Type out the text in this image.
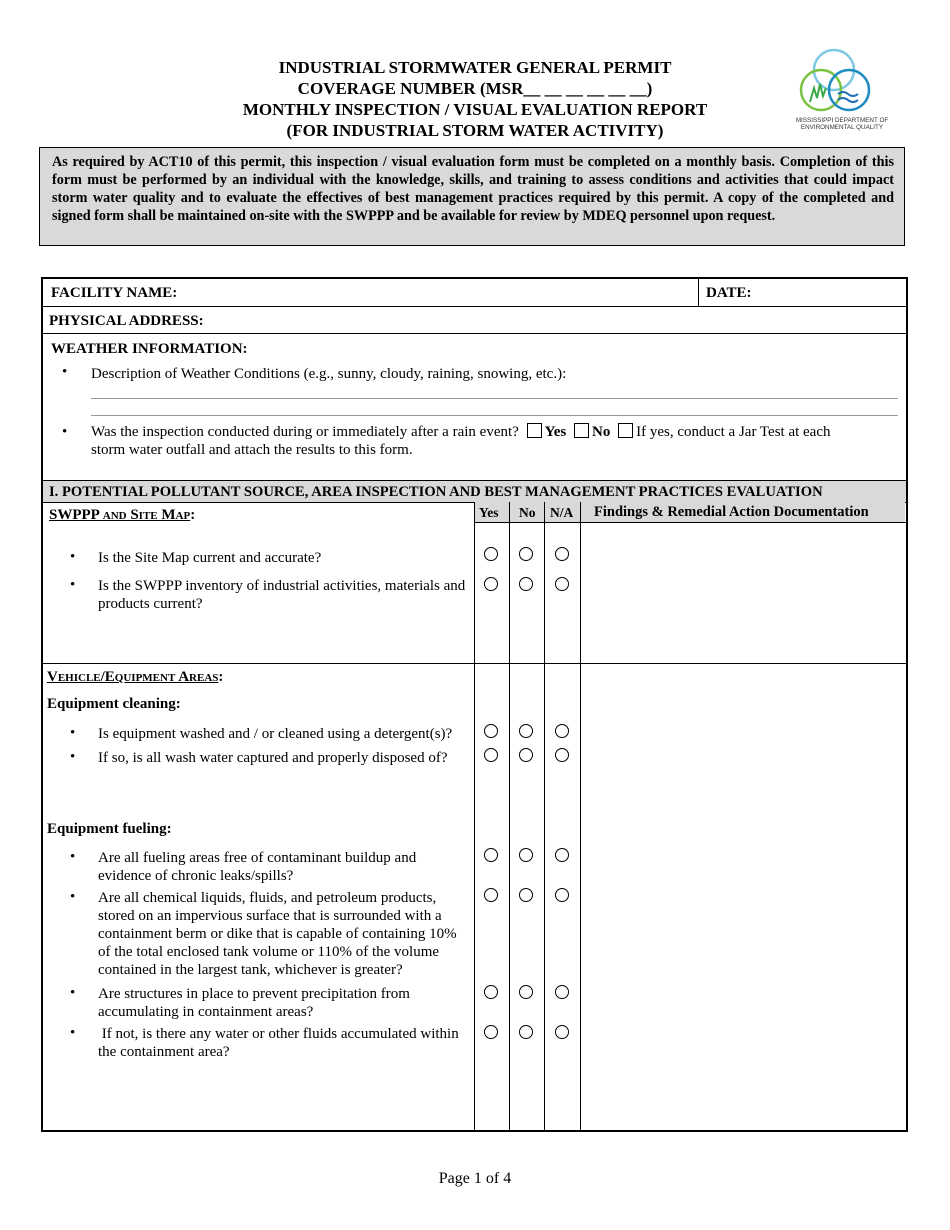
INDUSTRIAL STORMWATER GENERAL PERMIT
COVERAGE NUMBER (MSR__ __ __ __ __ __)
MONTHLY INSPECTION / VISUAL EVALUATION REPORT
(FOR INDUSTRIAL STORM WATER ACTIVITY)
MISSISSIPPI DEPARTMENT OF
ENVIRONMENTAL QUALITY
As required by ACT10 of this permit, this inspection / visual evaluation form must be completed on a monthly basis. Completion of this form must be performed by an individual with the knowledge, skills, and training to assess conditions and activities that could impact storm water quality and to evaluate the effectives of best management practices required by this permit. A copy of the completed and signed form shall be maintained on-site with the SWPPP and be available for review by MDEQ personnel upon request.
FACILITY NAME:	DATE:
PHYSICAL ADDRESS:
WEATHER INFORMATION:
• Description of Weather Conditions (e.g., sunny, cloudy, raining, snowing, etc.):
• Was the inspection conducted during or immediately after a rain event? Yes No If yes, conduct a Jar Test at each
storm water outfall and attach the results to this form.
I. POTENTIAL POLLUTANT SOURCE, AREA INSPECTION AND BEST MANAGEMENT PRACTICES EVALUATION
Yes No N/A Findings & Remedial Action Documentation
SWPPP and Site Map:
• Is the Site Map current and accurate?
• Is the SWPPP inventory of industrial activities, materials and products current?
Vehicle/Equipment Areas:
Equipment cleaning:
• Is equipment washed and / or cleaned using a detergent(s)?
• If so, is all wash water captured and properly disposed of?
Equipment fueling:
• Are all fueling areas free of contaminant buildup and evidence of chronic leaks/spills?
• Are all chemical liquids, fluids, and petroleum products, stored on an impervious surface that is surrounded with a containment berm or dike that is capable of containing 10% of the total enclosed tank volume or 110% of the volume contained in the largest tank, whichever is greater?
• Are structures in place to prevent precipitation from accumulating in containment areas?
• If not, is there any water or other fluids accumulated within the containment area?
Page 1 of 4
